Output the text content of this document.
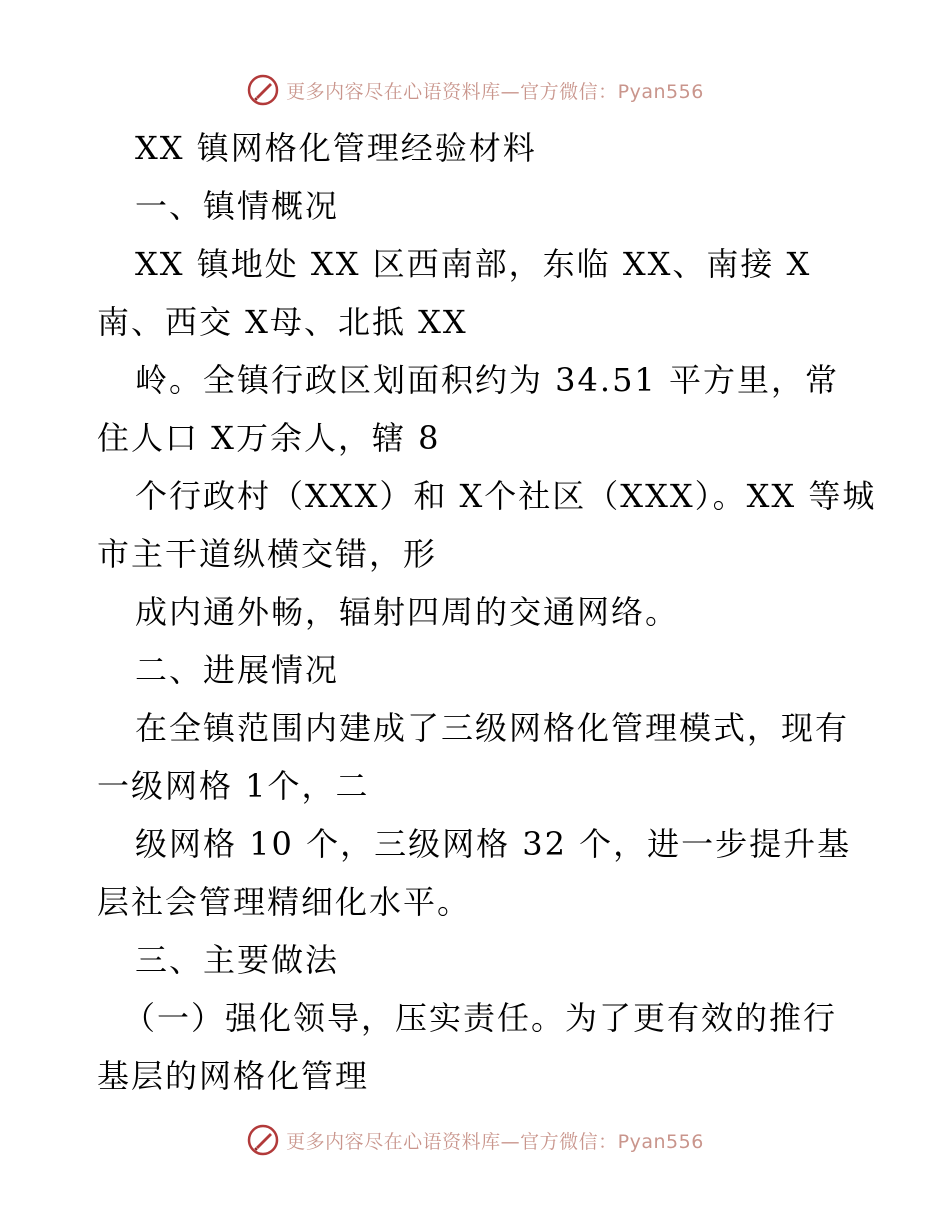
更多内容尽在心语资料库—官方微信：Pyan556
XX 镇网格化管理经验材料
一、镇情概况
XX 镇地处 XX 区西南部，东临 XX、南接 X
南、西交 X母、北抵 XX
岭。全镇行政区划面积约为 34.51 平方里，常
住人口 X万余人，辖 8
个行政村（XXX）和 X个社区（XXX）。XX 等城
市主干道纵横交错，形
成内通外畅，辐射四周的交通网络。
二、进展情况
在全镇范围内建成了三级网格化管理模式，现有
一级网格 1个，二
级网格 10 个，三级网格 32 个，进一步提升基
层社会管理精细化水平。
三、主要做法
（一）强化领导，压实责任。为了更有效的推行
基层的网格化管理
更多内容尽在心语资料库—官方微信：Pyan556
